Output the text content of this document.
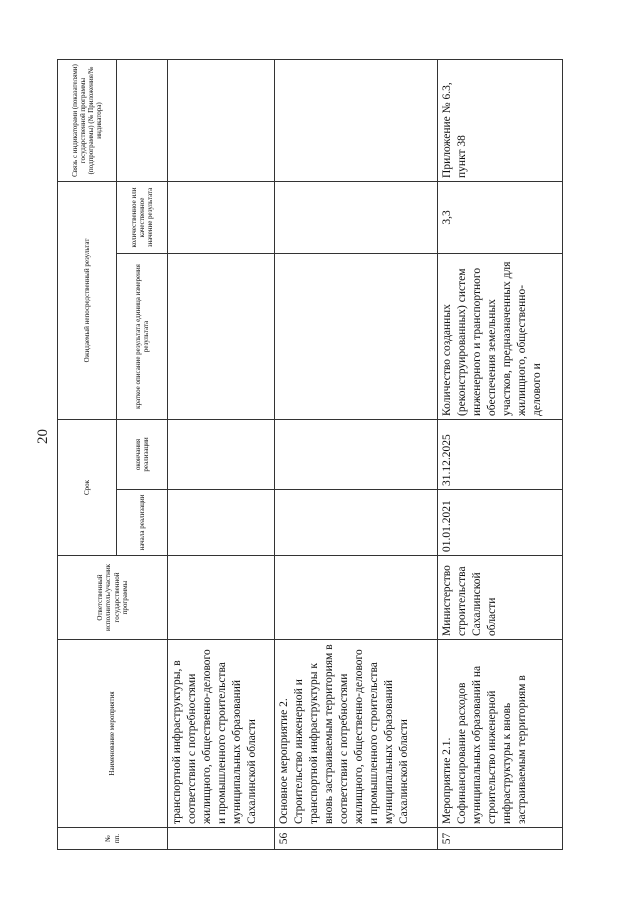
20
№ пп.	Наименование мероприятия	Ответственный исполнитель/участник государственной программы	Срок		Ожидаемый непосредственный результат		Связь с индикаторами (показателями) государственной программы (подпрограммы) (№ Приложения/№ индикатора)
			начала реализации	окончания реализации	краткое описание результата единица измерения результата	количественное или качественное значение результата	
	транспортной инфраструктуры, в соответствии с потребностями жилищного, общественно-делового и промышленного строительства муниципальных образований Сахалинской области						
56	Основное мероприятие 2. Строительство инженерной и транспортной инфраструктуры к вновь застраиваемым территориям в соответствии с потребностями жилищного, общественно-делового и промышленного строительства муниципальных образований Сахалинской области						
57	Мероприятие 2.1. Софинансирование расходов муниципальных образований на строительство инженерной инфраструктуры к вновь застраиваемым территориям в	Министерство строительства Сахалинской области	01.01.2021	31.12.2025	Количество созданных (реконструированных) систем инженерного и транспортного обеспечения земельных участков, предназначенных для жилищного, общественно-делового и	3,3	Приложение № 6.3, пункт 38
